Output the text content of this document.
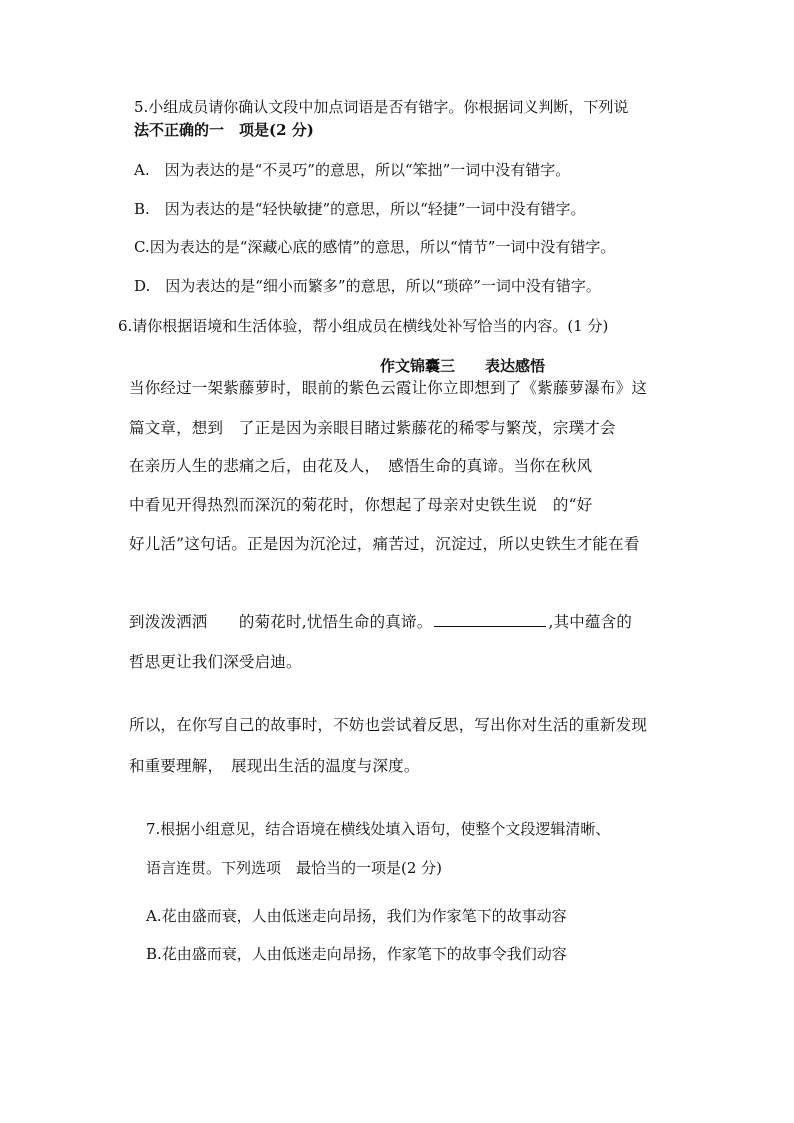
5.小组成员请你确认文段中加点词语是否有错字。你根据词义判断，下列说
法不正确的一　项是(2 分)
A.　因为表达的是“不灵巧”的意思，所以“笨拙”一词中没有错字。
B.　因为表达的是“轻快敏捷”的意思，所以“轻捷”一词中没有错字。
C.因为表达的是“深藏心底的感情”的意思，所以“情节”一词中没有错字。
D.　因为表达的是“细小而繁多”的意思，所以“琐碎”一词中没有错字。
6.请你根据语境和生活体验，帮小组成员在横线处补写恰当的内容。(1 分)
作文锦囊三　　表达感悟
当你经过一架紫藤萝时，眼前的紫色云霞让你立即想到了《紫藤萝瀑布》这
篇文章，想到　了正是因为亲眼目睹过紫藤花的稀零与繁茂，宗璞才会
在亲历人生的悲痛之后，由花及人，　感悟生命的真谛。当你在秋风
中看见开得热烈而深沉的菊花时，你想起了母亲对史铁生说　的“好
好儿活”这句话。正是因为沉沦过，痛苦过，沉淀过，所以史铁生才能在看
到泼泼洒洒　　的菊花时,忧悟生命的真谛。	,其中蕴含的
哲思更让我们深受启迪。
所以，在你写自己的故事时，不妨也尝试着反思，写出你对生活的重新发现
和重要理解，　展现出生活的温度与深度。
7.根据小组意见，结合语境在横线处填入语句，使整个文段逻辑清晰、
语言连贯。下列选项　最恰当的一项是(2 分)
A.花由盛而衰，人由低迷走向昂扬，我们为作家笔下的故事动容
B.花由盛而衰，人由低迷走向昂扬，作家笔下的故事令我们动容
